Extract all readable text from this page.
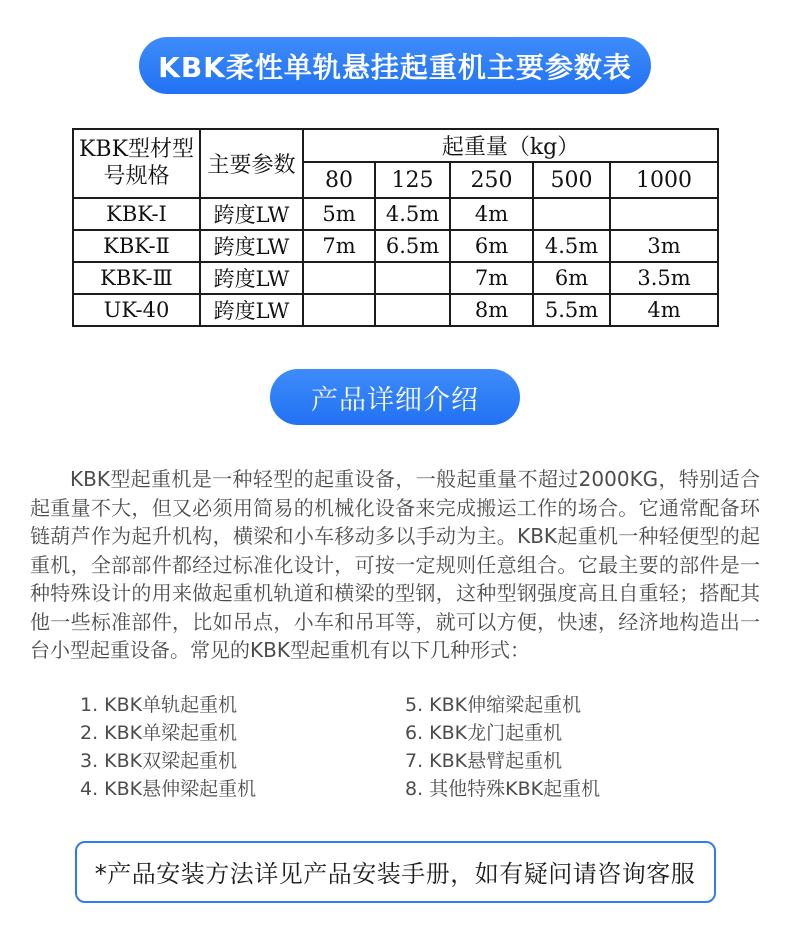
KBK柔性单轨悬挂起重机主要参数表
KBK型材型号规格	主要参数	起重量（kg）				
		80	125	250	500	1000
KBK-Ⅰ	跨度LW	5m	4.5m	4m		
KBK-Ⅱ	跨度LW	7m	6.5m	6m	4.5m	3m
KBK-Ⅲ	跨度LW			7m	6m	3.5m
UK-40	跨度LW			8m	5.5m	4m
产品详细介绍

KBK型起重机是一种轻型的起重设备，一般起重量不超过2000KG，特别适合起重量不大，但又必须用简易的机械化设备来完成搬运工作的场合。它通常配备环链葫芦作为起升机构，横梁和小车移动多以手动为主。KBK起重机一种轻便型的起重机，全部部件都经过标准化设计，可按一定规则任意组合。它最主要的部件是一种特殊设计的用来做起重机轨道和横梁的型钢，这种型钢强度高且自重轻；搭配其他一些标准部件，比如吊点，小车和吊耳等，就可以方便，快速，经济地构造出一台小型起重设备。常见的KBK型起重机有以下几种形式：

1. KBK单轨起重机
2. KBK单梁起重机
3. KBK双梁起重机
4. KBK悬伸梁起重机
5. KBK伸缩梁起重机
6. KBK龙门起重机
7. KBK悬臂起重机
8. 其他特殊KBK起重机
*产品安装方法详见产品安装手册，如有疑问请咨询客服
